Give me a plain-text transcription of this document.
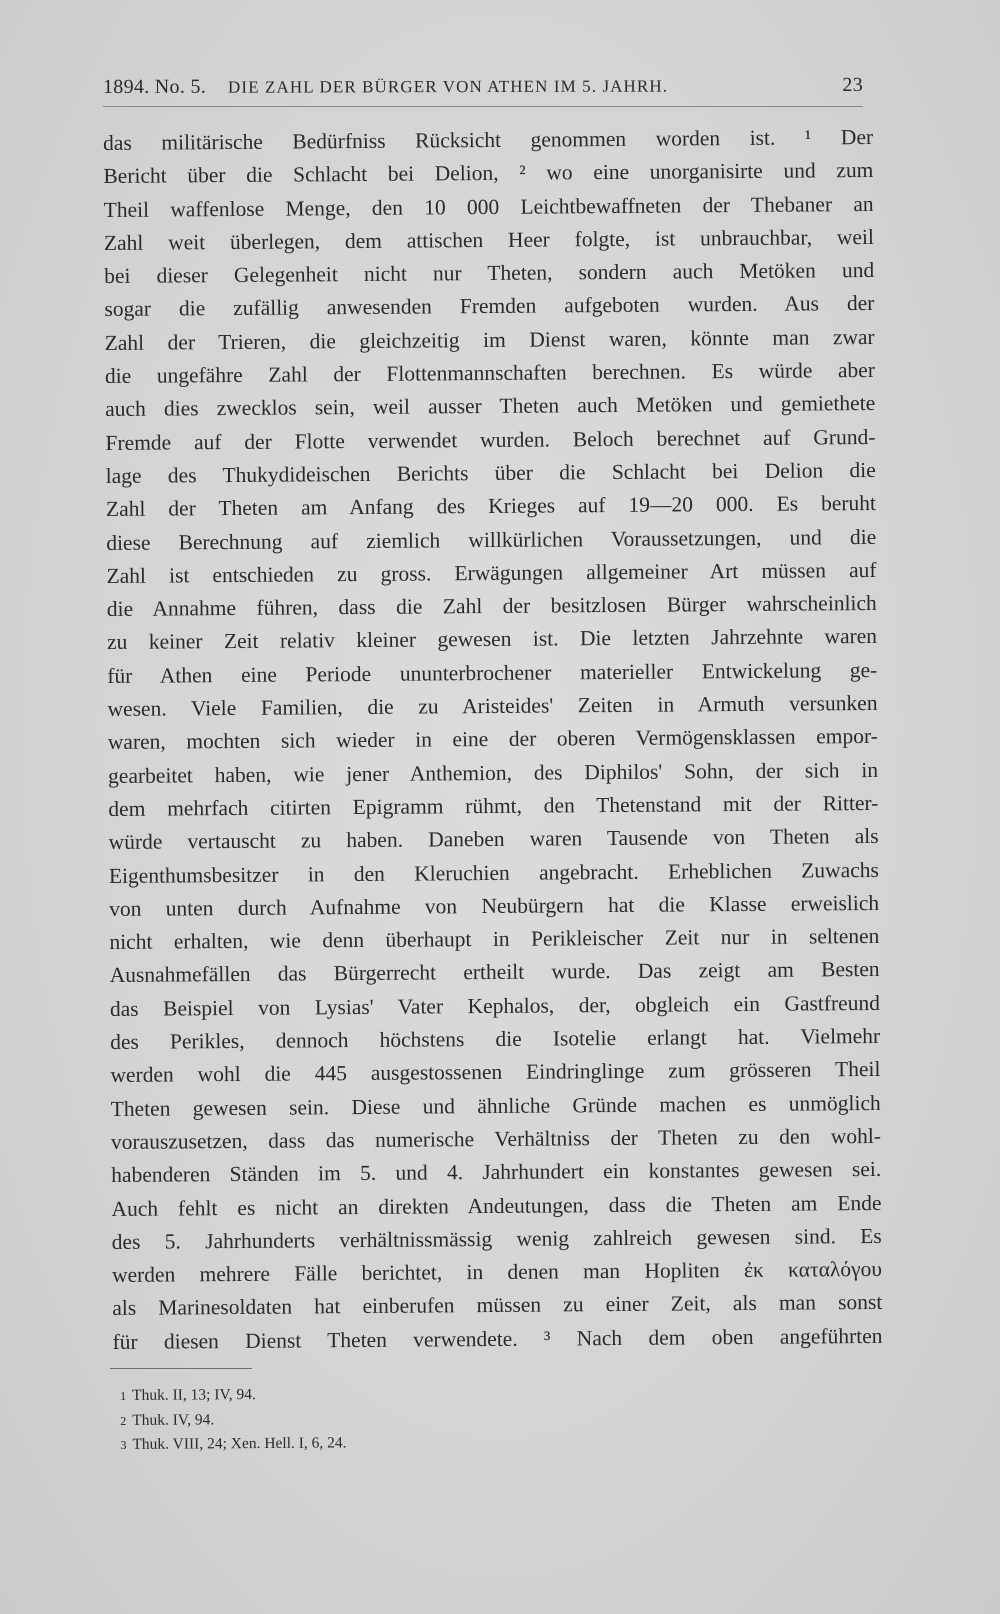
1894. No. 5. DIE ZAHL DER BÜRGER VON ATHEN IM 5. JAHRH.	23
das militärische Bedürfniss Rücksicht genommen worden ist. ¹ Der
Bericht über die Schlacht bei Delion, ² wo eine unorganisirte und zum
Theil waffenlose Menge, den 10 000 Leichtbewaffneten der Thebaner an
Zahl weit überlegen, dem attischen Heer folgte, ist unbrauchbar, weil
bei dieser Gelegenheit nicht nur Theten, sondern auch Metöken und
sogar die zufällig anwesenden Fremden aufgeboten wurden. Aus der
Zahl der Trieren, die gleichzeitig im Dienst waren, könnte man zwar
die ungefähre Zahl der Flottenmannschaften berechnen. Es würde aber
auch dies zwecklos sein, weil ausser Theten auch Metöken und gemiethete
Fremde auf der Flotte verwendet wurden. Beloch berechnet auf Grund-
lage des Thukydideischen Berichts über die Schlacht bei Delion die
Zahl der Theten am Anfang des Krieges auf 19—20 000. Es beruht
diese Berechnung auf ziemlich willkürlichen Voraussetzungen, und die
Zahl ist entschieden zu gross. Erwägungen allgemeiner Art müssen auf
die Annahme führen, dass die Zahl der besitzlosen Bürger wahrscheinlich
zu keiner Zeit relativ kleiner gewesen ist. Die letzten Jahrzehnte waren
für Athen eine Periode ununterbrochener materieller Entwickelung ge-
wesen. Viele Familien, die zu Aristeides' Zeiten in Armuth versunken
waren, mochten sich wieder in eine der oberen Vermögensklassen empor-
gearbeitet haben, wie jener Anthemion, des Diphilos' Sohn, der sich in
dem mehrfach citirten Epigramm rühmt, den Thetenstand mit der Ritter-
würde vertauscht zu haben. Daneben waren Tausende von Theten als
Eigenthumsbesitzer in den Kleruchien angebracht. Erheblichen Zuwachs
von unten durch Aufnahme von Neubürgern hat die Klasse erweislich
nicht erhalten, wie denn überhaupt in Perikleischer Zeit nur in seltenen
Ausnahmefällen das Bürgerrecht ertheilt wurde. Das zeigt am Besten
das Beispiel von Lysias' Vater Kephalos, der, obgleich ein Gastfreund
des Perikles, dennoch höchstens die Isotelie erlangt hat. Vielmehr
werden wohl die 445 ausgestossenen Eindringlinge zum grösseren Theil
Theten gewesen sein. Diese und ähnliche Gründe machen es unmöglich
vorauszusetzen, dass das numerische Verhältniss der Theten zu den wohl-
habenderen Ständen im 5. und 4. Jahrhundert ein konstantes gewesen sei.
Auch fehlt es nicht an direkten Andeutungen, dass die Theten am Ende
des 5. Jahrhunderts verhältnissmässig wenig zahlreich gewesen sind. Es
werden mehrere Fälle berichtet, in denen man Hopliten ἐκ καταλόγου
als Marinesoldaten hat einberufen müssen zu einer Zeit, als man sonst
für diesen Dienst Theten verwendete. ³ Nach dem oben angeführten
1 Thuk. II, 13; IV, 94.
2 Thuk. IV, 94.
3 Thuk. VIII, 24; Xen. Hell. I, 6, 24.
